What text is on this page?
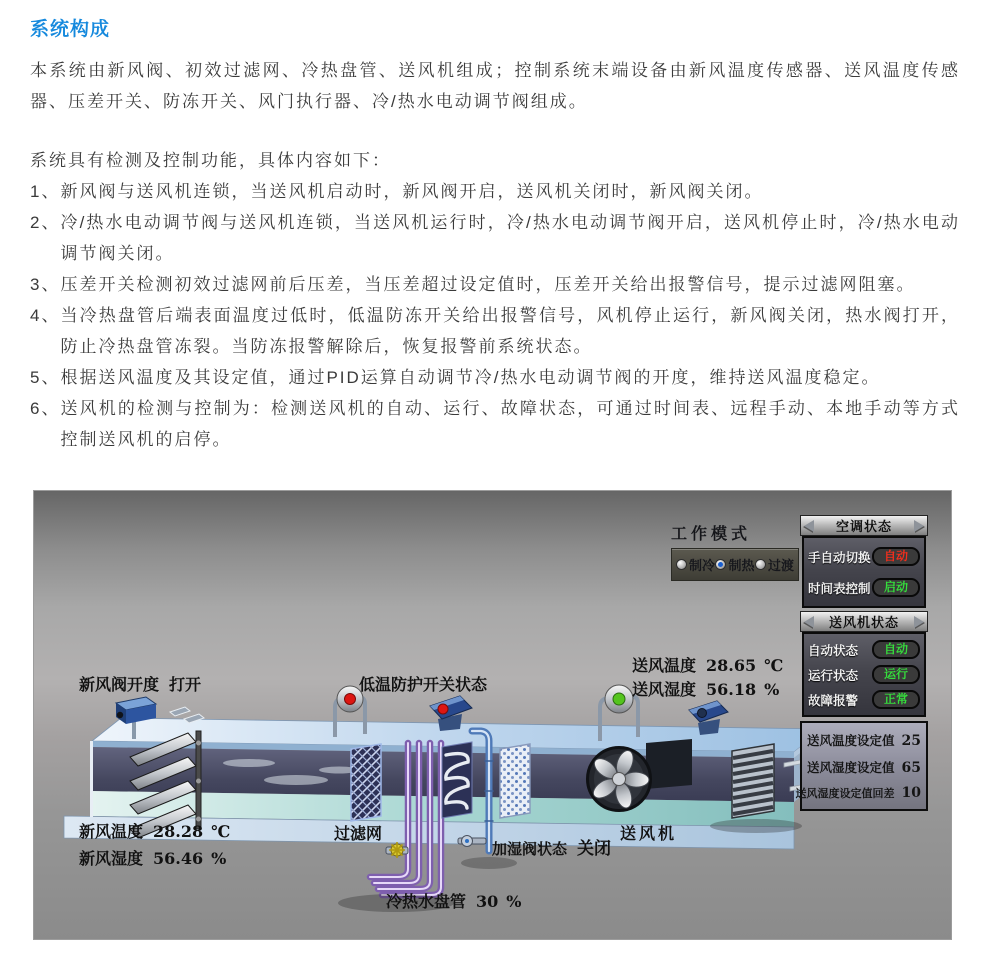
系统构成

本系统由新风阀、初效过滤网、冷热盘管、送风机组成；控制系统末端设备由新风温度传感器、送风温度传感器、压差开关、防冻开关、风门执行器、冷/热水电动调节阀组成。

系统具有检测及控制功能，具体内容如下：

1、 新风阀与送风机连锁，当送风机启动时，新风阀开启，送风机关闭时，新风阀关闭。
2、 冷/热水电动调节阀与送风机连锁，当送风机运行时，冷/热水电动调节阀开启，送风机停止时，冷/热水电动调节阀关闭。
3、 压差开关检测初效过滤网前后压差，当压差超过设定值时，压差开关给出报警信号，提示过滤网阻塞。
4、 当冷热盘管后端表面温度过低时，低温防冻开关给出报警信号，风机停止运行，新风阀关闭，热水阀打开，防止冷热盘管冻裂。当防冻报警解除后，恢复报警前系统状态。
5、 根据送风温度及其设定值，通过PID运算自动调节冷/热水电动调节阀的开度，维持送风温度稳定。
6、 送风机的检测与控制为：检测送风机的自动、运行、故障状态，可通过时间表、远程手动、本地手动等方式控制送风机的启停。
新风阀开度 打开	低温防护开关状态
送风温度 28.65 ℃
送风湿度 56.18 %
新风温度 28.28 ℃
新风湿度 56.46 %
过滤网
加湿阀状态 关闭
送风机
冷热水盘管 30 %
工作模式
制冷 制热 过渡
空调状态
手自动切换	自动
时间表控制	启动
送风机状态
自动状态	自动
运行状态	运行
故障报警	正常
送风温度设定值 25
送风湿度设定值 65
送风湿度设定值回差 10
